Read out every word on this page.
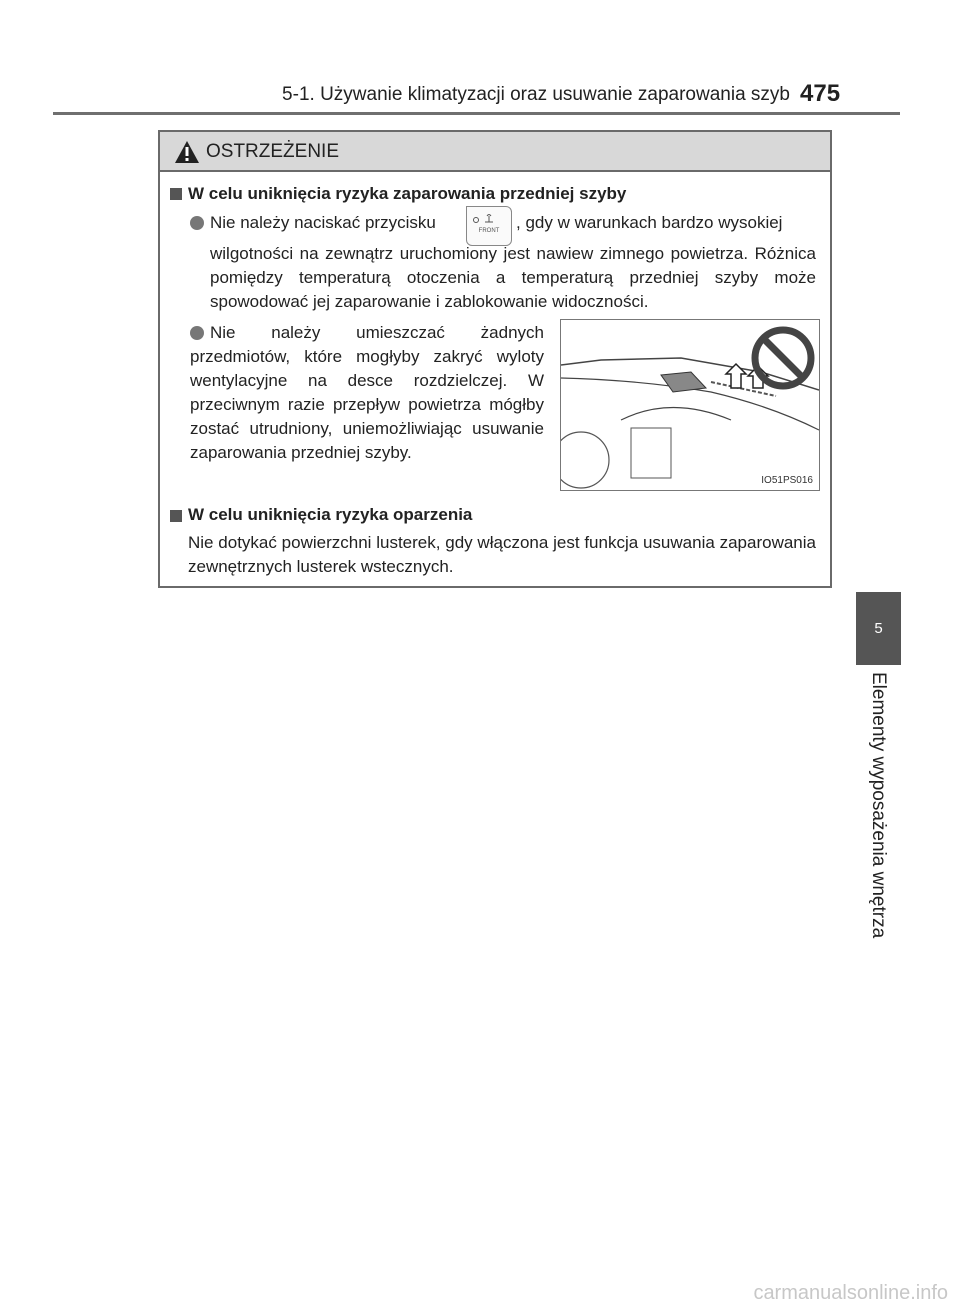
5-1. Używanie klimatyzacji oraz usuwanie zaparowania szyb 475
5
Elementy wyposażenia wnętrza
OSTRZEŻENIE
W celu uniknięcia ryzyka zaparowania przedniej szyby
Nie należy naciskać przycisku	FRONT , gdy w warunkach bardzo wysokiej
wilgotności na zewnątrz uruchomiony jest nawiew zimnego powietrza. Różnica pomiędzy temperaturą otoczenia a temperaturą przedniej szyby może spowodować jej zaparowanie i zablokowanie widoczności.
Nie należy umieszczać żadnych przedmiotów, które mogłyby zakryć wyloty wentylacyjne na desce rozdzielczej. W przeciwnym razie przepływ powietrza mógłby zostać utrudniony, uniemożliwiając usuwanie zaparowania przedniej szyby.
IO51PS016
W celu uniknięcia ryzyka oparzenia
Nie dotykać powierzchni lusterek, gdy włączona jest funkcja usuwania zaparowania zewnętrznych lusterek wstecznych.
carmanualsonline.info
